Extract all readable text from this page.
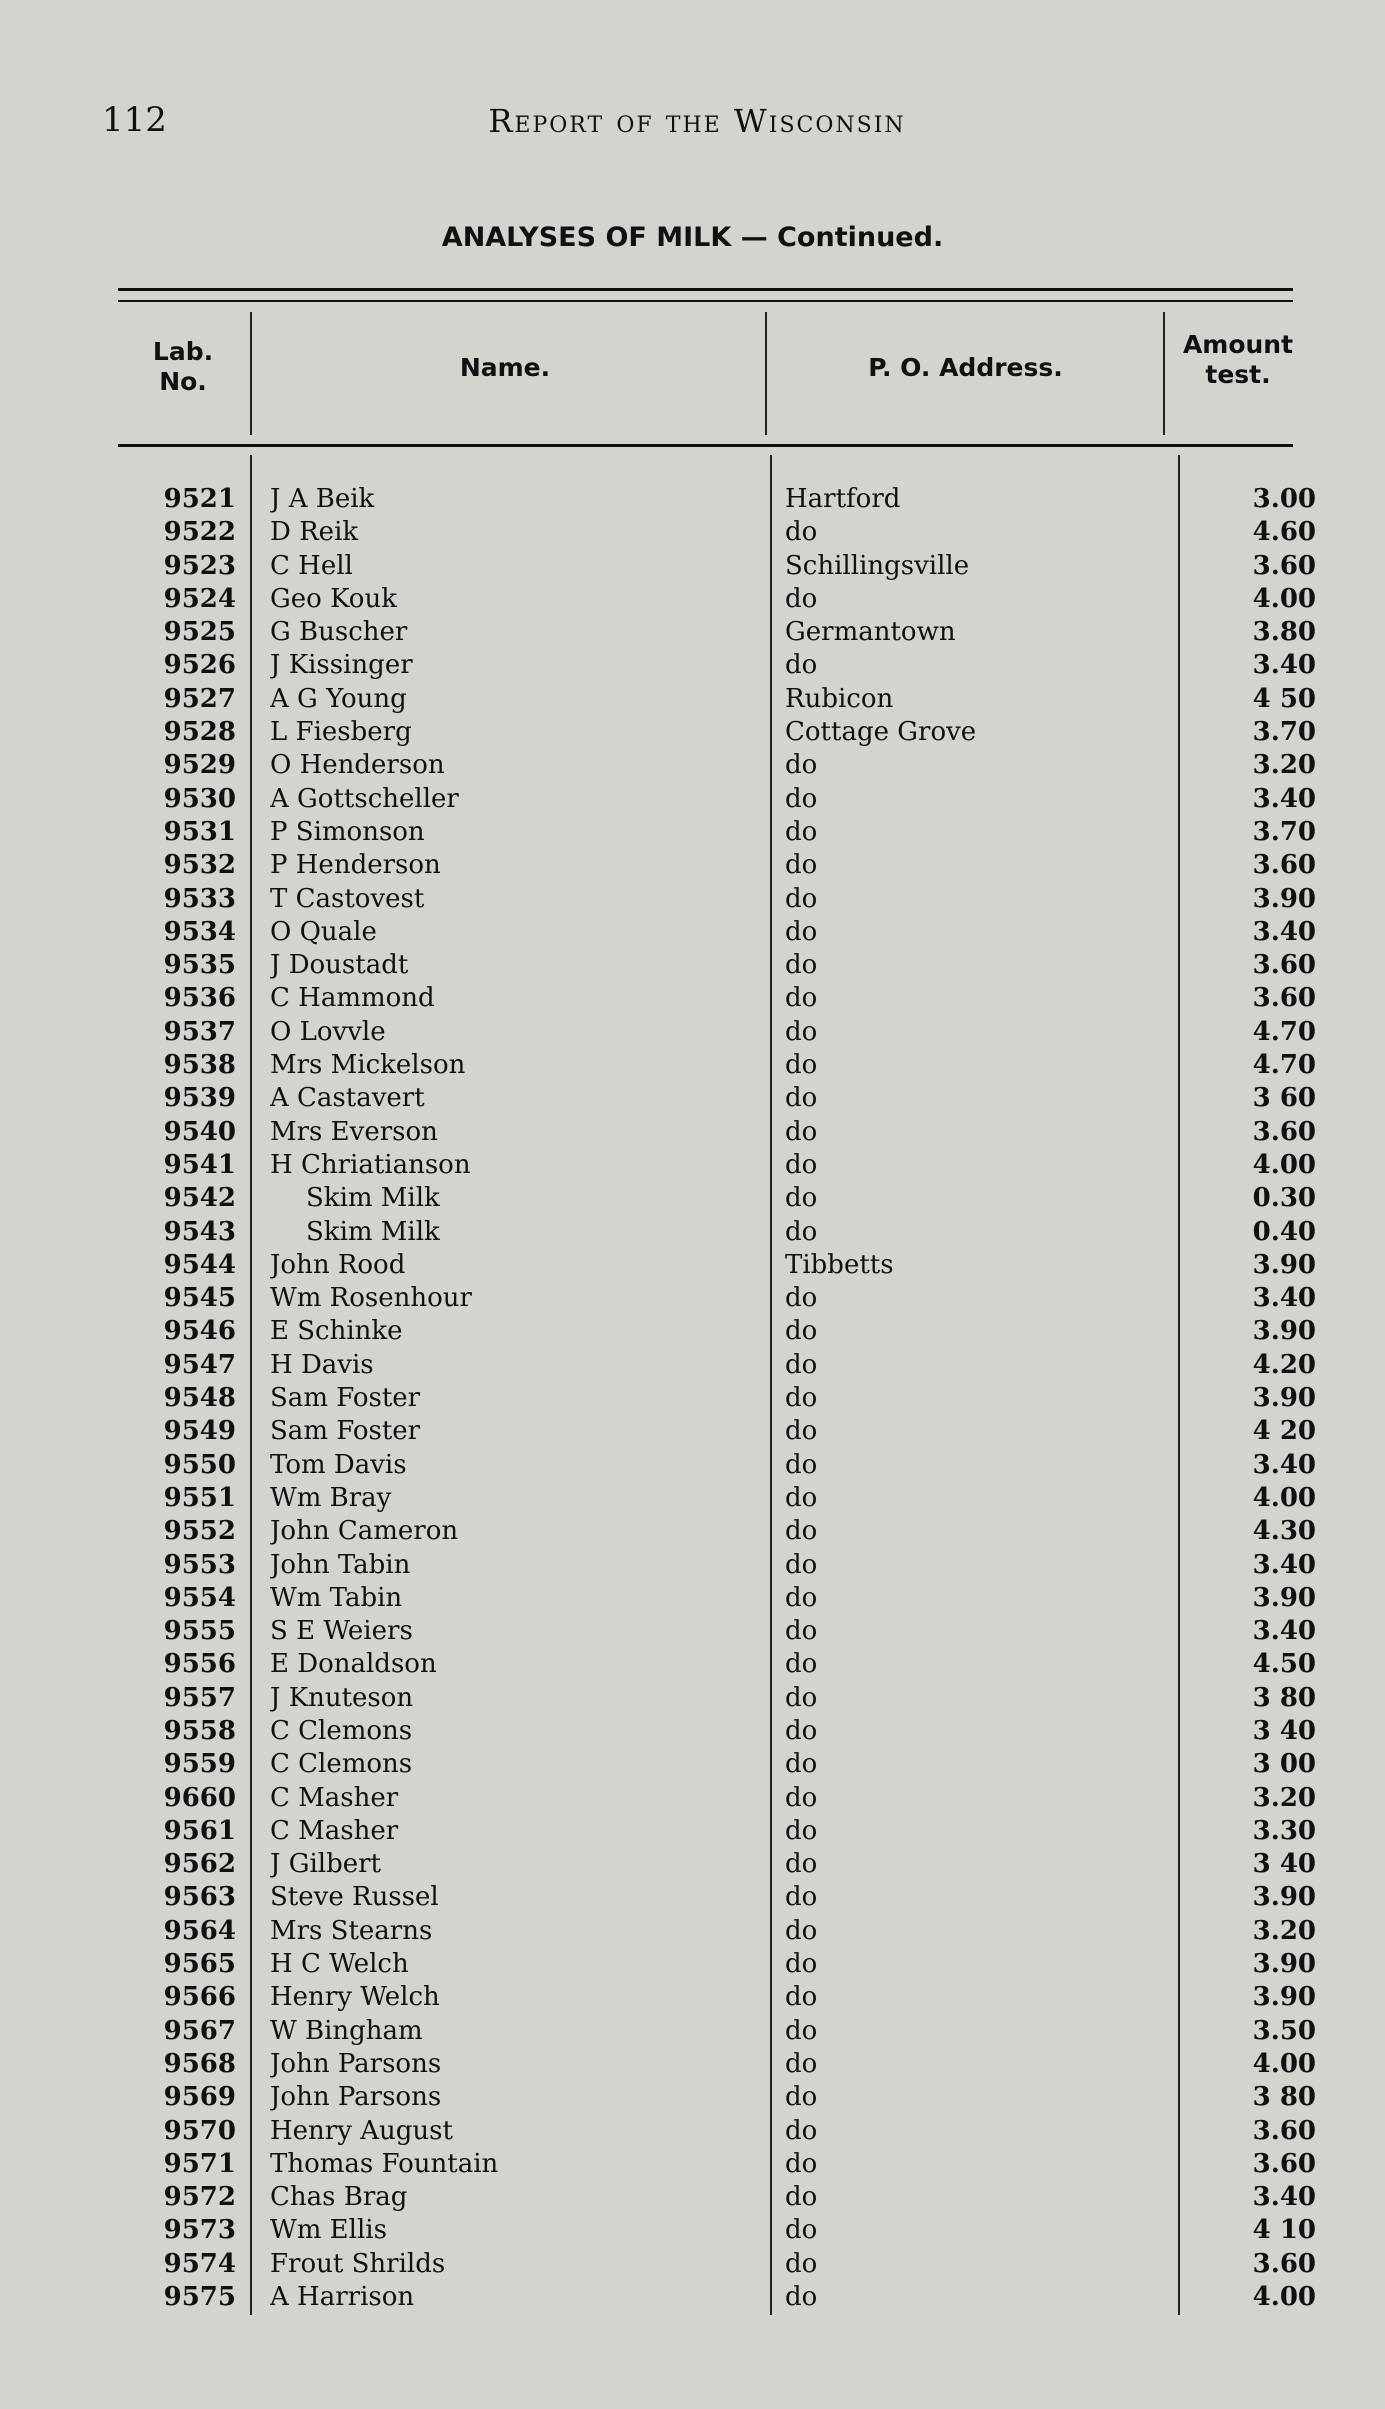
112	Report of the Wisconsin
ANALYSES OF MILK — Continued.
Lab.
No.	Name.	P. O. Address.
Amount
test.
9521 J A Beik	Hartford	3.00
9522 D Reik	do	4.60
9523 C Hell	Schillingsville	3.60
9524 Geo Kouk	do	4.00
9525 G Buscher	Germantown	3.80
9526 J Kissinger	do	3.40
9527 A G Young	Rubicon	4 50
9528 L Fiesberg	Cottage Grove	3.70
9529 O Henderson	do	3.20
9530 A Gottscheller	do	3.40
9531 P Simonson	do	3.70
9532 P Henderson	do	3.60
9533 T Castovest	do	3.90
9534 O Quale	do	3.40
9535 J Doustadt	do	3.60
9536 C Hammond	do	3.60
9537 O Lovvle	do	4.70
9538 Mrs Mickelson	do	4.70
9539 A Castavert	do	3 60
9540 Mrs Everson	do	3.60
9541 H Chriatianson	do	4.00
9542	Skim Milk	do	0.30
9543	Skim Milk	do	0.40
9544 John Rood	Tibbetts	3.90
9545 Wm Rosenhour	do	3.40
9546 E Schinke	do	3.90
9547 H Davis	do	4.20
9548 Sam Foster	do	3.90
9549 Sam Foster	do	4 20
9550 Tom Davis	do	3.40
9551 Wm Bray	do	4.00
9552 John Cameron	do	4.30
9553 John Tabin	do	3.40
9554 Wm Tabin	do	3.90
9555 S E Weiers	do	3.40
9556 E Donaldson	do	4.50
9557 J Knuteson	do	3 80
9558 C Clemons	do	3 40
9559 C Clemons	do	3 00
9660 C Masher	do	3.20
9561 C Masher	do	3.30
9562 J Gilbert	do	3 40
9563 Steve Russel	do	3.90
9564 Mrs Stearns	do	3.20
9565 H C Welch	do	3.90
9566 Henry Welch	do	3.90
9567 W Bingham	do	3.50
9568 John Parsons	do	4.00
9569 John Parsons	do	3 80
9570 Henry August	do	3.60
9571 Thomas Fountain	do	3.60
9572 Chas Brag	do	3.40
9573 Wm Ellis	do	4 10
9574 Frout Shrilds	do	3.60
9575 A Harrison	do	4.00
